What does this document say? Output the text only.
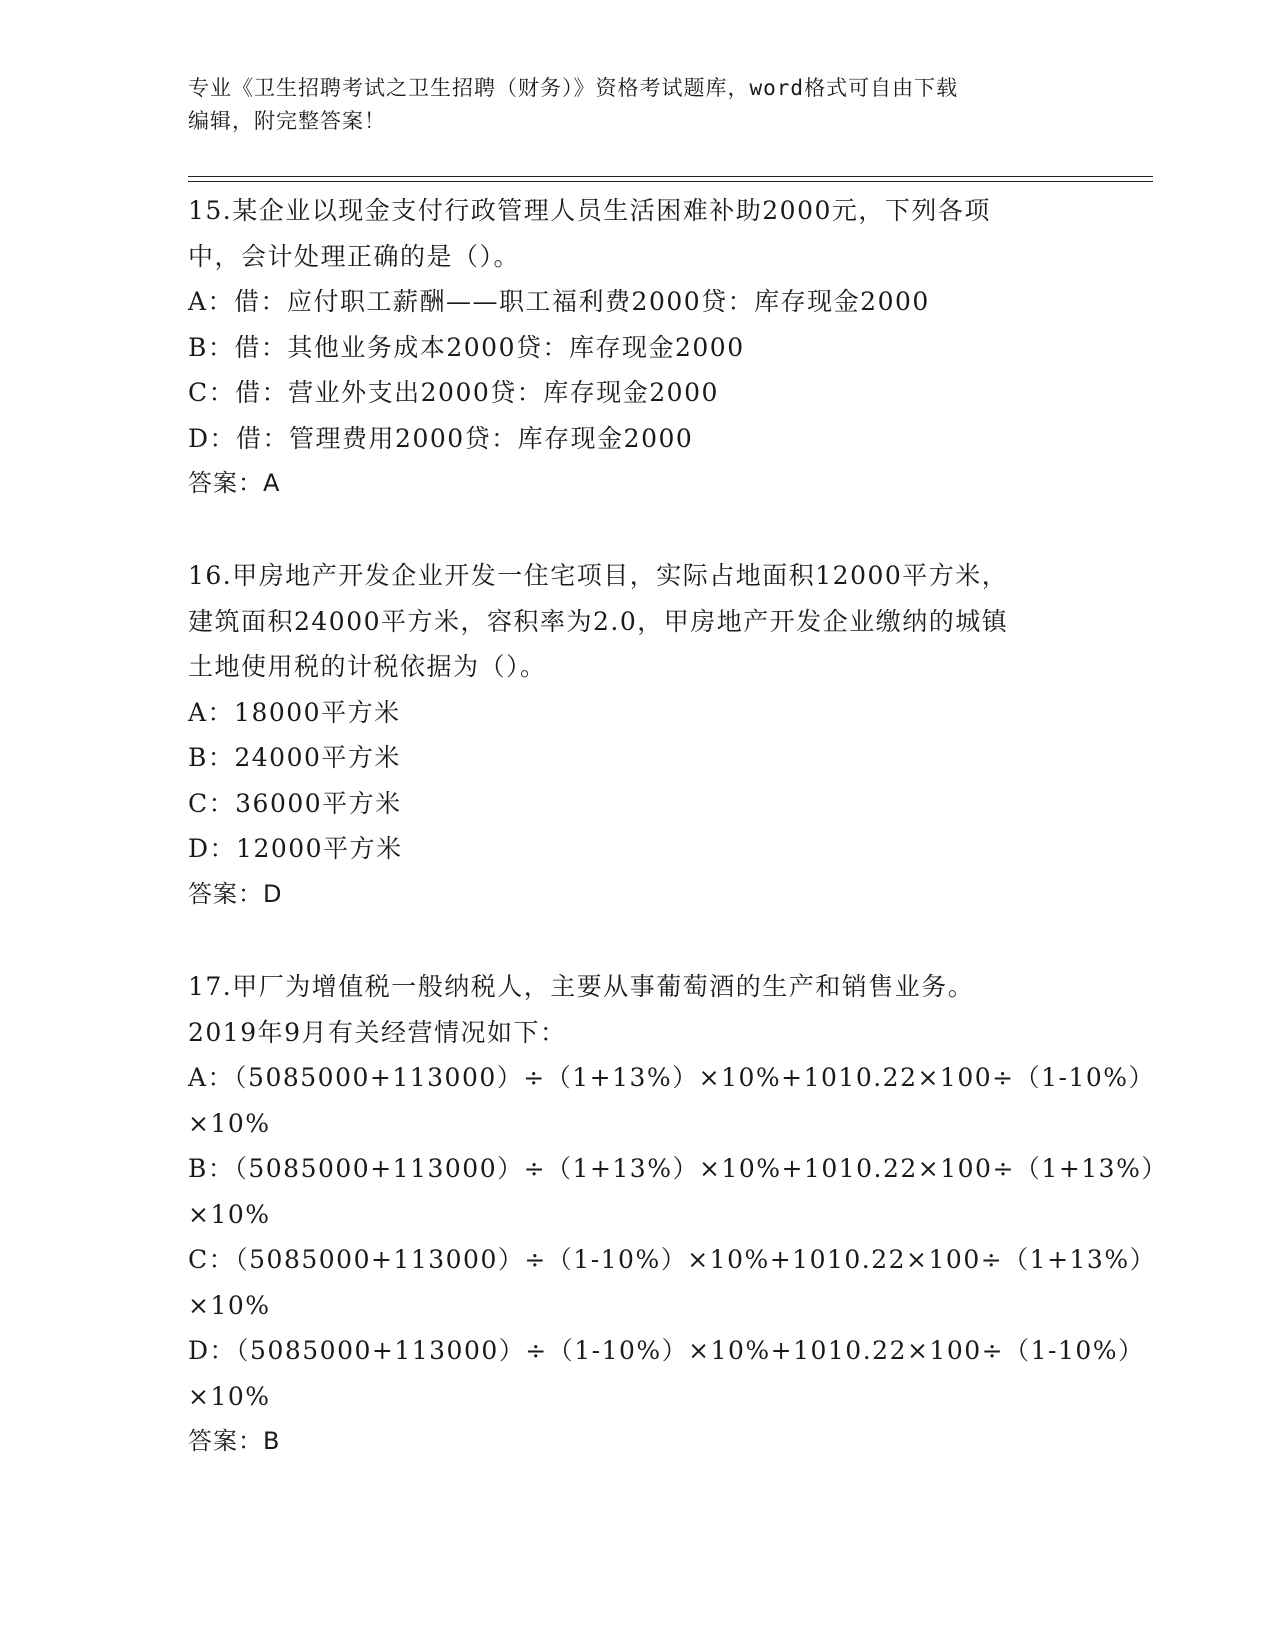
专业《卫生招聘考试之卫生招聘（财务）》资格考试题库，word格式可自由下载
编辑，附完整答案！
15.某企业以现金支付行政管理人员生活困难补助2000元，下列各项
中，会计处理正确的是（）。
A：借：应付职工薪酬——职工福利费2000贷：库存现金2000
B：借：其他业务成本2000贷：库存现金2000
C：借：营业外支出2000贷：库存现金2000
D：借：管理费用2000贷：库存现金2000
答案：A
16.甲房地产开发企业开发一住宅项目，实际占地面积12000平方米，
建筑面积24000平方米，容积率为2.0，甲房地产开发企业缴纳的城镇
土地使用税的计税依据为（）。
A：18000平方米
B：24000平方米
C：36000平方米
D：12000平方米
答案：D
17.甲厂为增值税一般纳税人，主要从事葡萄酒的生产和销售业务。
2019年9月有关经营情况如下：
A：（5085000+113000）÷（1+13%）×10%+1010.22×100÷（1-10%）
×10%
B：（5085000+113000）÷（1+13%）×10%+1010.22×100÷（1+13%）
×10%
C：（5085000+113000）÷（1-10%）×10%+1010.22×100÷（1+13%）
×10%
D：（5085000+113000）÷（1-10%）×10%+1010.22×100÷（1-10%）
×10%
答案：B
